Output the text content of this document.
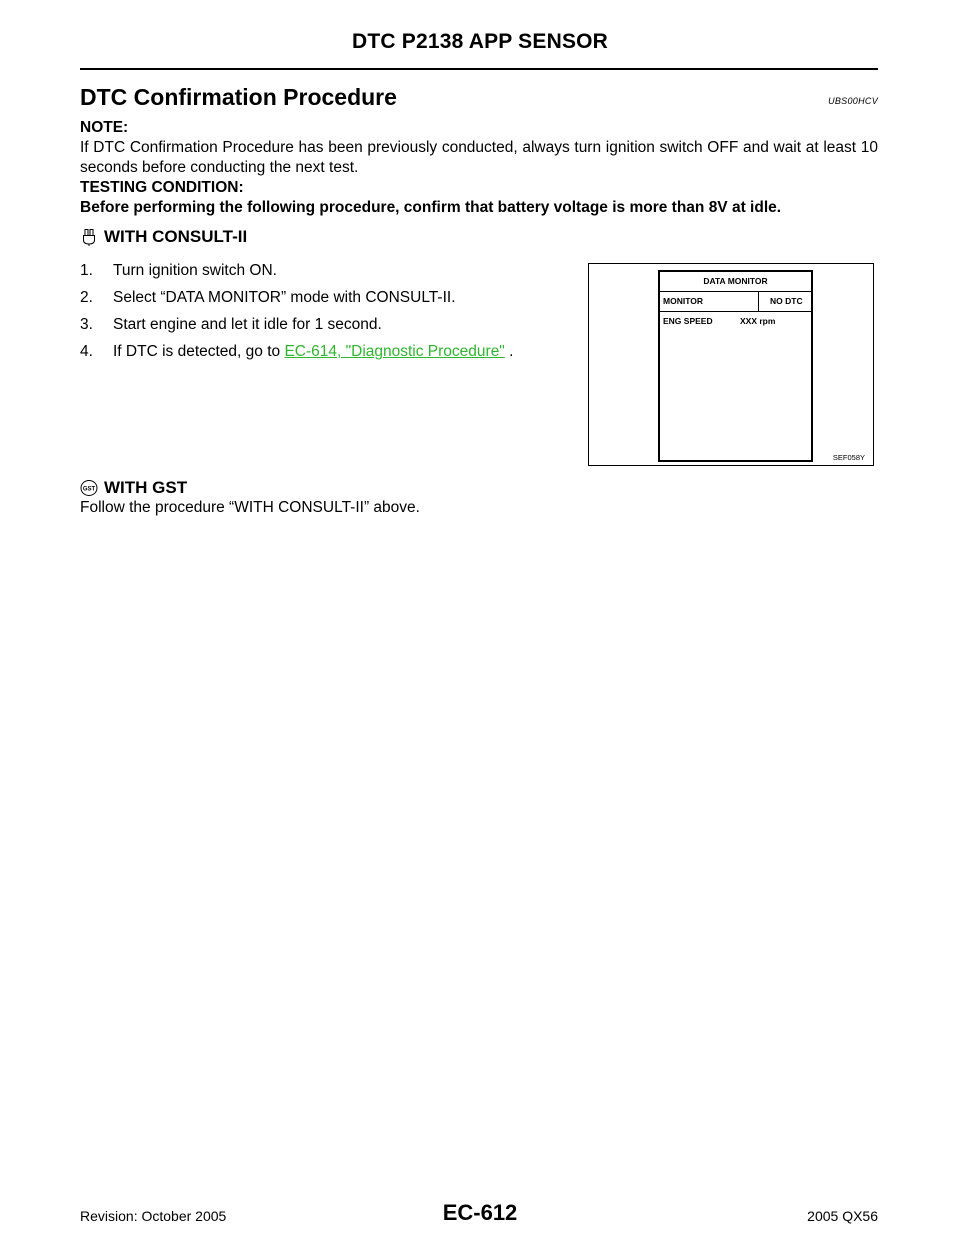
DTC P2138 APP SENSOR
DTC Confirmation Procedure	UBS00HCV
NOTE:
If DTC Confirmation Procedure has been previously conducted, always turn ignition switch OFF and wait at least 10 seconds before conducting the next test.
TESTING CONDITION:
Before performing the following procedure, confirm that battery voltage is more than 8V at idle.
WITH CONSULT-II
1. Turn ignition switch ON.
2. Select “DATA MONITOR” mode with CONSULT-II.
3. Start engine and let it idle for 1 second.
4. If DTC is detected, go to EC-614, "Diagnostic Procedure" .
DATA MONITOR
MONITOR	NO DTC
ENG SPEED	XXX rpm
SEF058Y
GST WITH GST
Follow the procedure “WITH CONSULT-II” above.
Revision: October 2005	EC-612	2005 QX56
